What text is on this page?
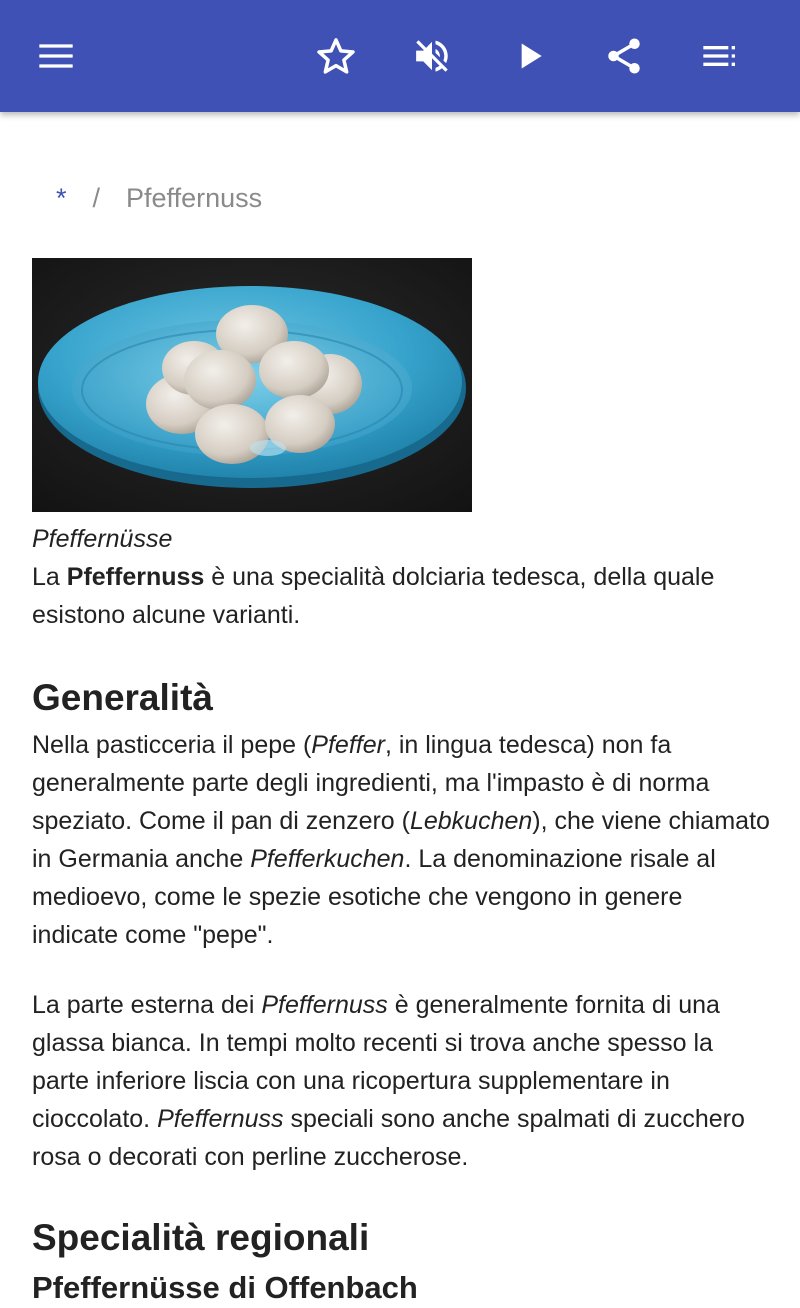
* / Pfeffernuss
Pfeffernüsse

La Pfeffernuss è una specialità dolciaria tedesca, della quale esistono alcune varianti.

Generalità

Nella pasticceria il pepe (Pfeffer, in lingua tedesca) non fa generalmente parte degli ingredienti, ma l'impasto è di norma speziato. Come il pan di zenzero (Lebkuchen), che viene chiamato in Germania anche Pfefferkuchen. La denominazione risale al medioevo, come le spezie esotiche che vengono in genere indicate come "pepe".

La parte esterna dei Pfeffernuss è generalmente fornita di una glassa bianca. In tempi molto recenti si trova anche spesso la parte inferiore liscia con una ricopertura supplementare in cioccolato. Pfeffernuss speciali sono anche spalmati di zucchero rosa o decorati con perline zuccherose.

Specialità regionali
Pfeffernüsse di Offenbach
